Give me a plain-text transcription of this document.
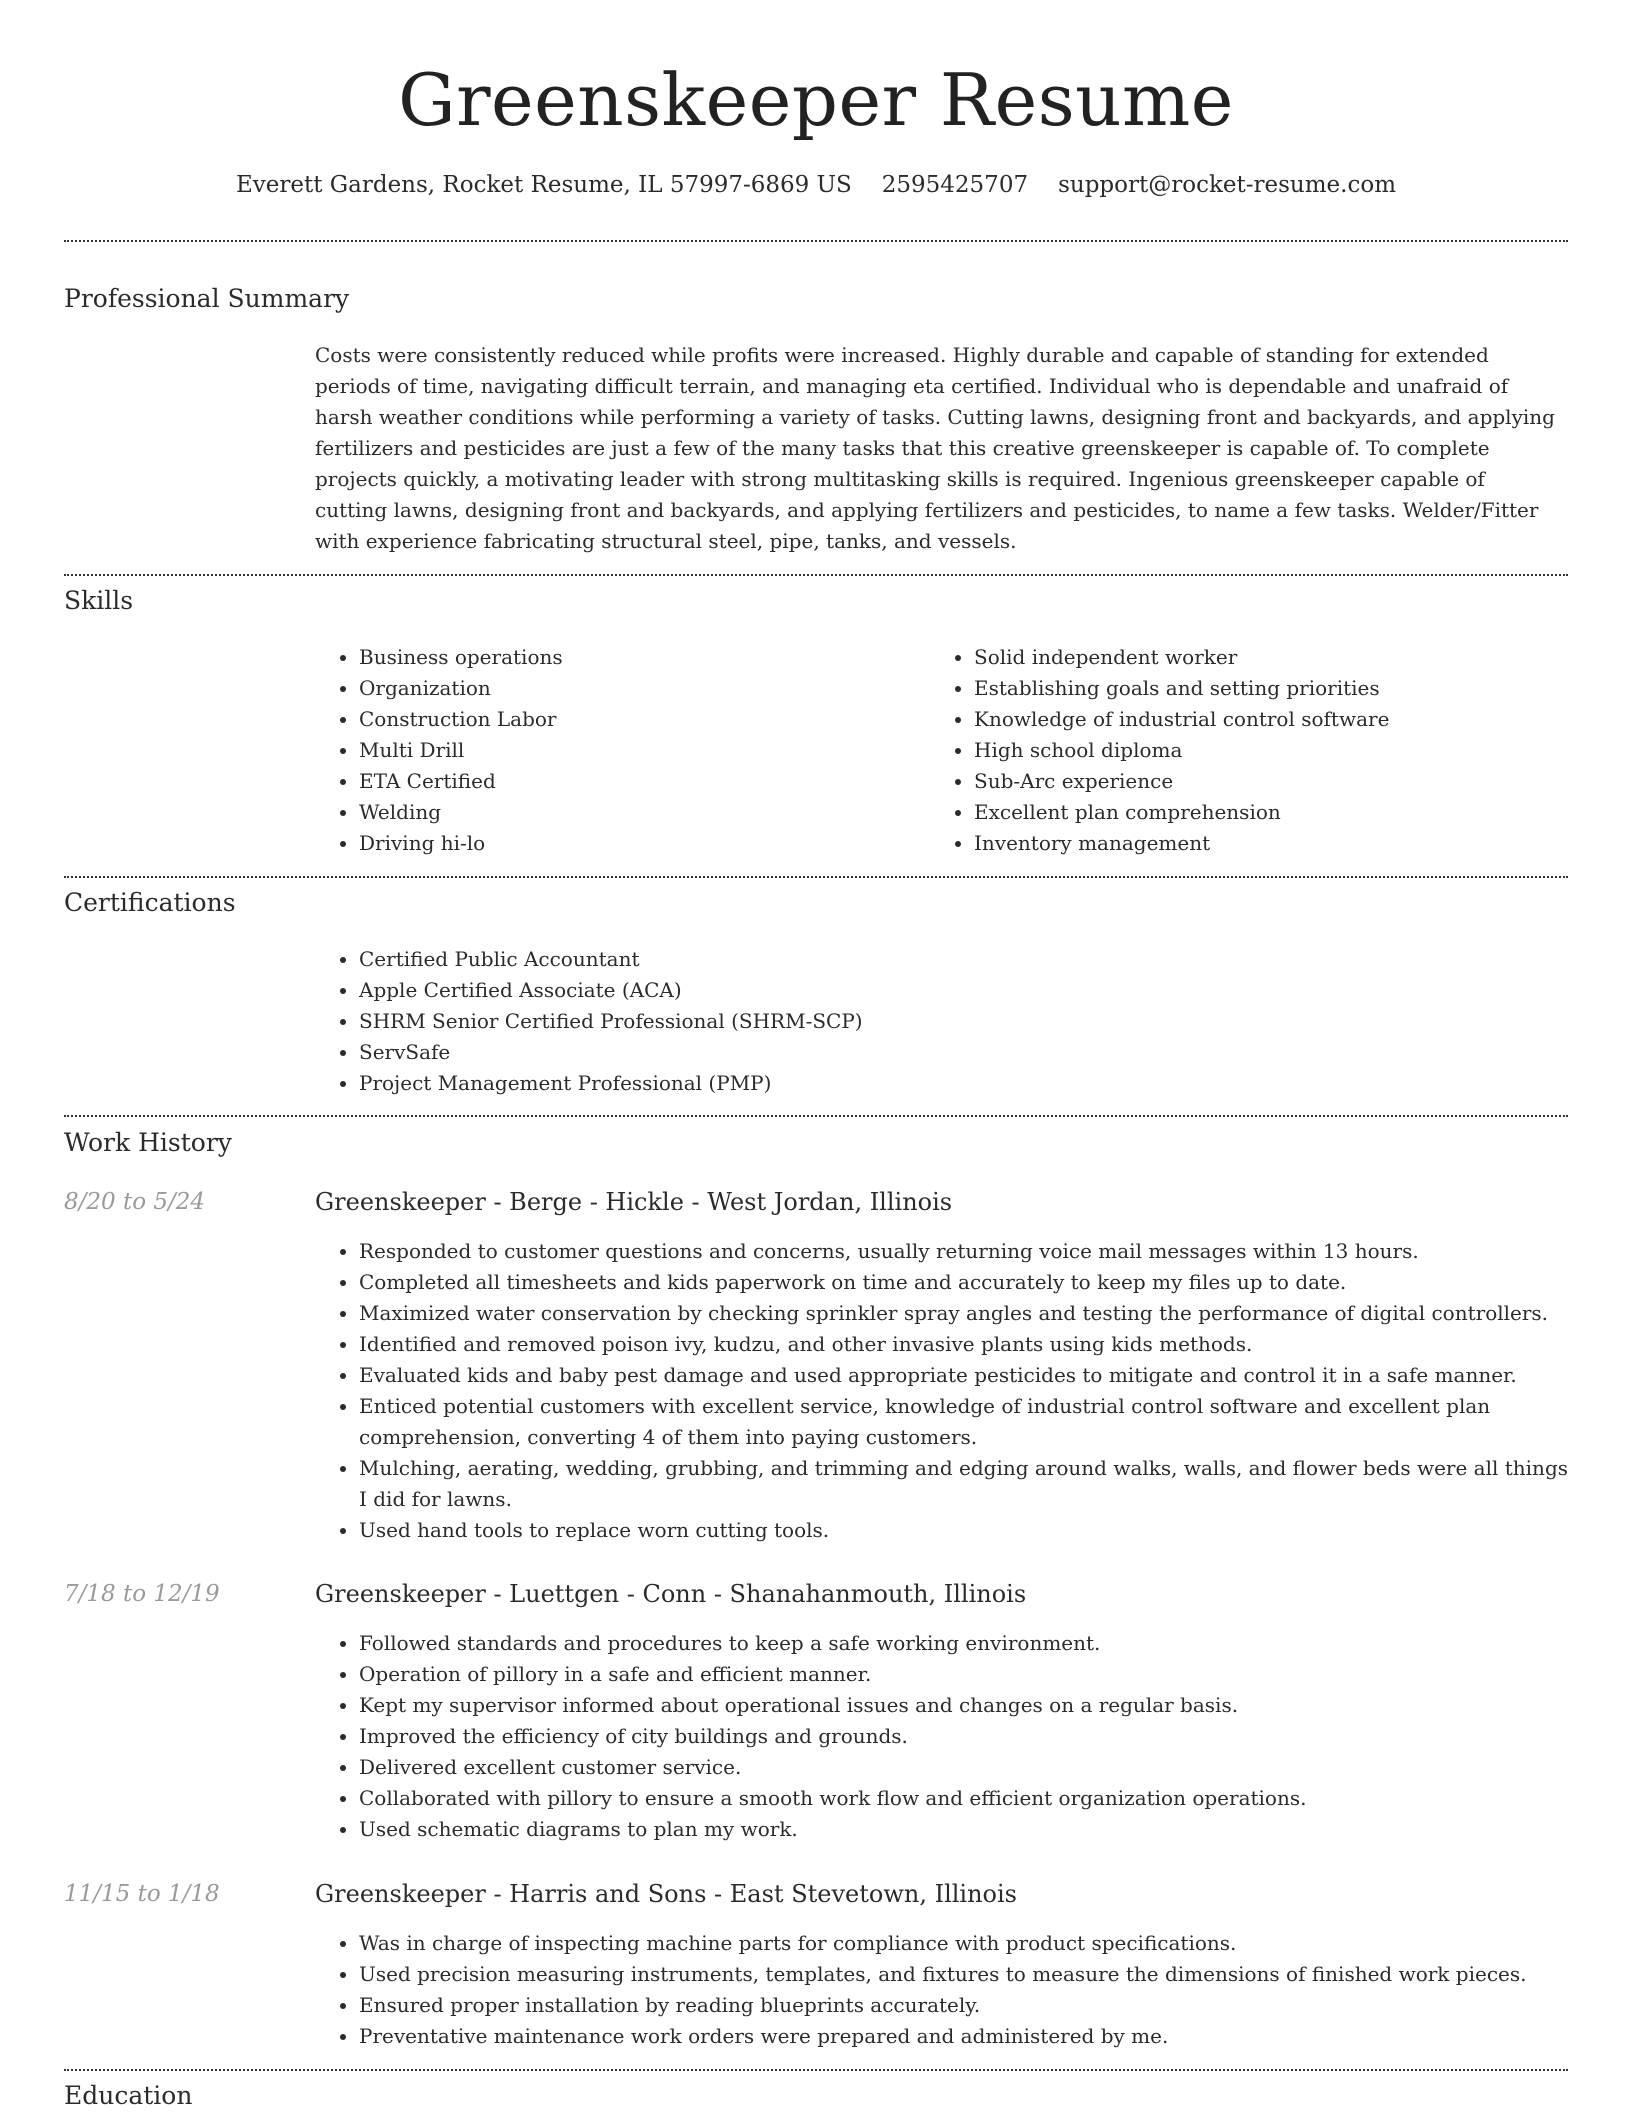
Greenskeeper Resume
Everett Gardens, Rocket Resume, IL 57997-6869 US 2595425707 support@rocket-resume.com
Professional Summary
Costs were consistently reduced while profits were increased. Highly durable and capable of standing for extended periods of time, navigating difficult terrain, and managing eta certified. Individual who is dependable and unafraid of harsh weather conditions while performing a variety of tasks. Cutting lawns, designing front and backyards, and applying fertilizers and pesticides are just a few of the many tasks that this creative greenskeeper is capable of. To complete projects quickly, a motivating leader with strong multitasking skills is required. Ingenious greenskeeper capable of cutting lawns, designing front and backyards, and applying fertilizers and pesticides, to name a few tasks. Welder/Fitter with experience fabricating structural steel, pipe, tanks, and vessels.
Skills
• Business operations
• Organization
• Construction Labor
• Multi Drill
• ETA Certified
• Welding
• Driving hi-lo
• Solid independent worker
• Establishing goals and setting priorities
• Knowledge of industrial control software
• High school diploma
• Sub-Arc experience
• Excellent plan comprehension
• Inventory management
Certifications
• Certified Public Accountant
• Apple Certified Associate (ACA)
• SHRM Senior Certified Professional (SHRM-SCP)
• ServSafe
• Project Management Professional (PMP)
Work History
8/20 to 5/24	Greenskeeper - Berge - Hickle - West Jordan, Illinois
• Responded to customer questions and concerns, usually returning voice mail messages within 13 hours.
• Completed all timesheets and kids paperwork on time and accurately to keep my files up to date.
• Maximized water conservation by checking sprinkler spray angles and testing the performance of digital controllers.
• Identified and removed poison ivy, kudzu, and other invasive plants using kids methods.
• Evaluated kids and baby pest damage and used appropriate pesticides to mitigate and control it in a safe manner.
• Enticed potential customers with excellent service, knowledge of industrial control software and excellent plan comprehension, converting 4 of them into paying customers.
• Mulching, aerating, wedding, grubbing, and trimming and edging around walks, walls, and flower beds were all things I did for lawns.
• Used hand tools to replace worn cutting tools.
7/18 to 12/19	Greenskeeper - Luettgen - Conn - Shanahanmouth, Illinois
• Followed standards and procedures to keep a safe working environment.
• Operation of pillory in a safe and efficient manner.
• Kept my supervisor informed about operational issues and changes on a regular basis.
• Improved the efficiency of city buildings and grounds.
• Delivered excellent customer service.
• Collaborated with pillory to ensure a smooth work flow and efficient organization operations.
• Used schematic diagrams to plan my work.
11/15 to 1/18	Greenskeeper - Harris and Sons - East Stevetown, Illinois
• Was in charge of inspecting machine parts for compliance with product specifications.
• Used precision measuring instruments, templates, and fixtures to measure the dimensions of finished work pieces.
• Ensured proper installation by reading blueprints accurately.
• Preventative maintenance work orders were prepared and administered by me.
Education
